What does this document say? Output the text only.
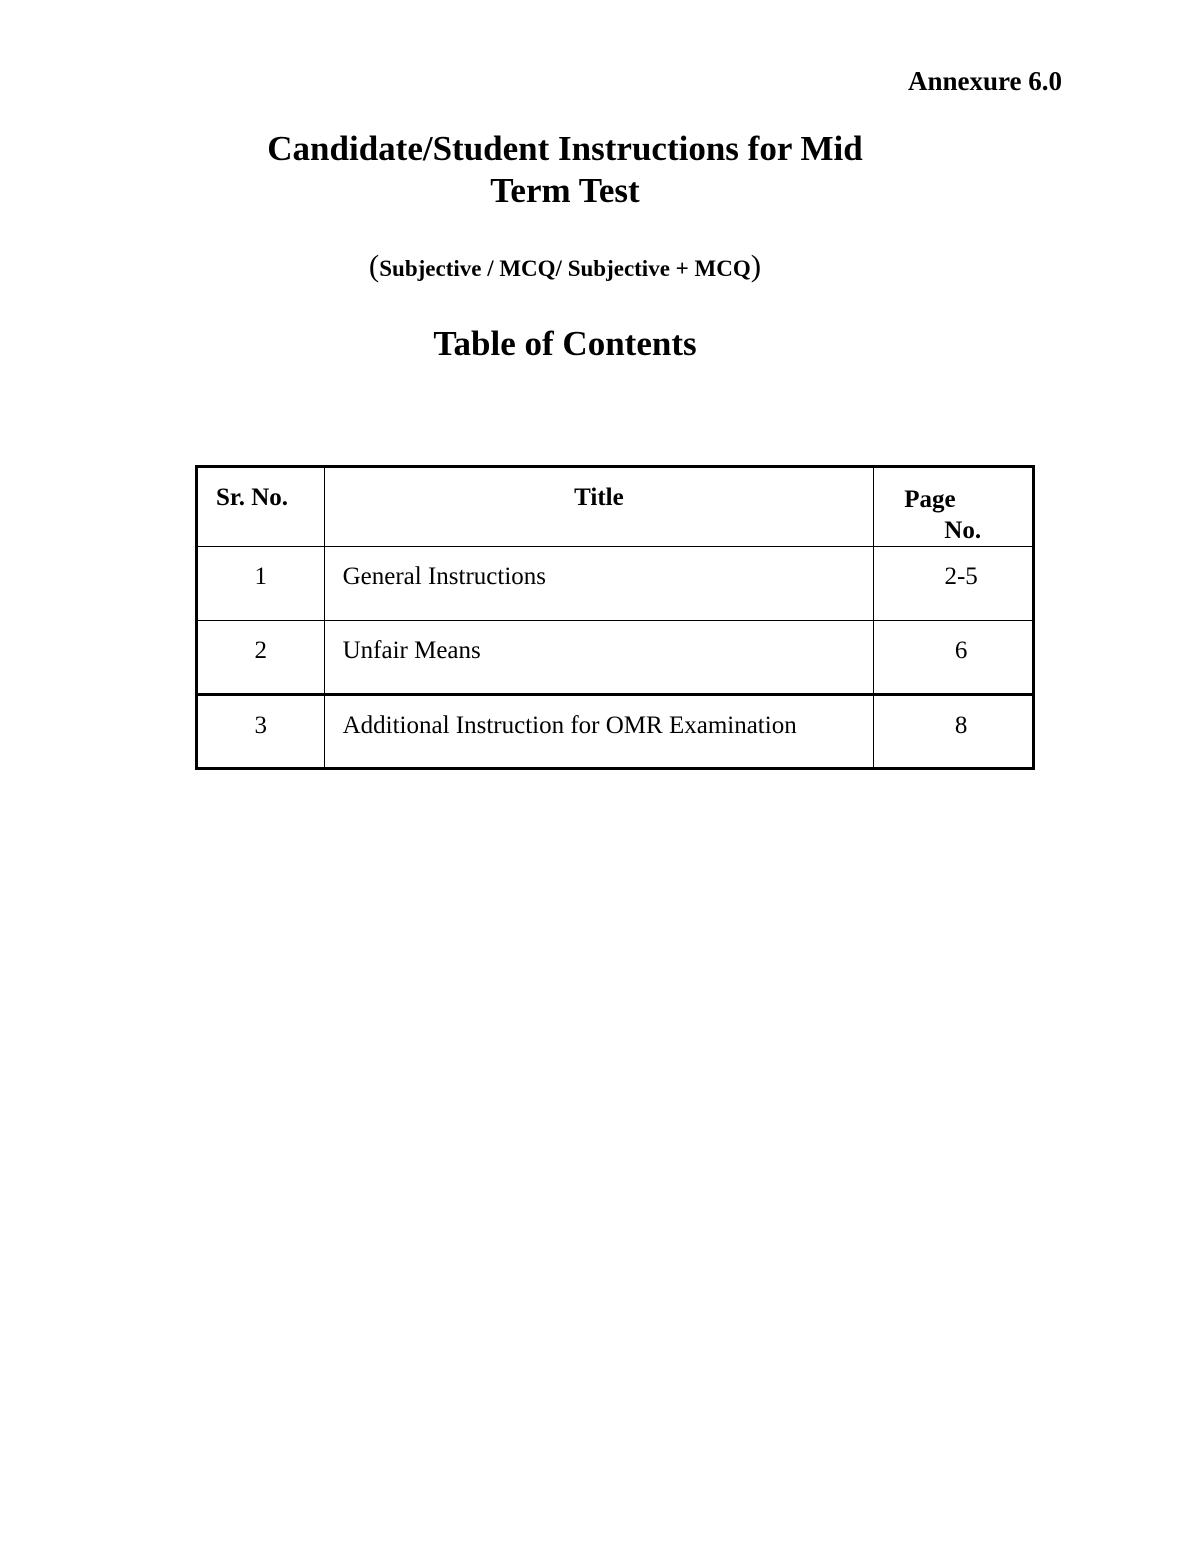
Annexure 6.0
Candidate/Student Instructions for Mid
Term Test
(Subjective / MCQ/ Subjective + MCQ)
Table of Contents
Sr. No.	Title	Page
No.

1	General Instructions	2-5
2	Unfair Means	6
3	Additional Instruction for OMR Examination	8
